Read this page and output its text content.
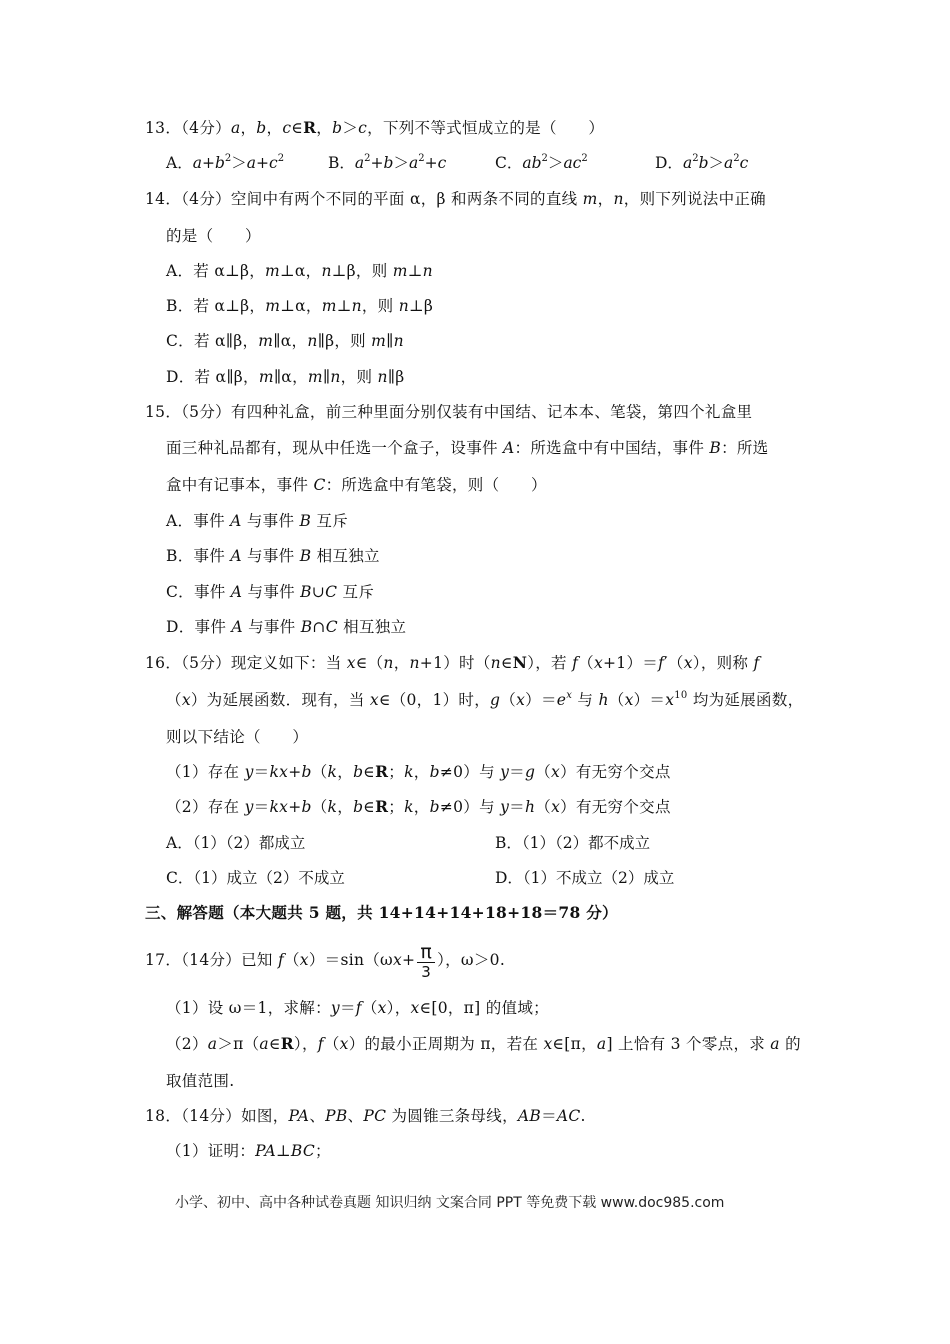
13．（4分）a，b，c∈R，b＞c，下列不等式恒成立的是（　　）
A．$a+b^2>a+c^2$	B．$a^2+b>a^2+c$	C．$ab^2>ac^2$	D．$a^2b>a^2c$
14．（4分）空间中有两个不同的平面 α，β 和两条不同的直线 m，n，则下列说法中正确
的是（　　）
A．若 α⊥β，m⊥α，n⊥β，则 m⊥n
B．若 α⊥β，m⊥α，m⊥n，则 n⊥β
C．若 α∥β，m∥α，n∥β，则 m∥n
D．若 α∥β，m∥α，m∥n，则 n∥β
15．（5分）有四种礼盒，前三种里面分别仅装有中国结、记本本、笔袋，第四个礼盒里
面三种礼品都有，现从中任选一个盒子，设事件 A：所选盒中有中国结，事件 B：所选
盒中有记事本，事件 C：所选盒中有笔袋，则（　　）
A．事件 A 与事件 B 互斥
B．事件 A 与事件 B 相互独立
C．事件 A 与事件 B∪C 互斥
D．事件 A 与事件 B∩C 相互独立
16．（5分）现定义如下：当 x∈（n，n+1）时（n∈N），若 f（x+1）＝f′（x），则称 f
（x）为延展函数．现有，当 x∈（0，1）时，$g(x)=e^x$ 与 $h(x)=x^{10}$ 均为延展函数，
则以下结论（　　）
（1）存在 y＝kx+b（k，b∈R；k，b≠0）与 y＝g（x）有无穷个交点
（2）存在 y＝kx+b（k，b∈R；k，b≠0）与 y＝h（x）有无穷个交点
A．（1）（2）都成立	B．（1）（2）都不成立
C．（1）成立（2）不成立	D．（1）不成立（2）成立
三、解答题（本大题共 5 题，共 14+14+14+18+18＝78 分）
17．（14分）已知 $f(x)=\sin(\omega x+ \frac{\pi}{3}$ ），ω＞0.
（1）设 ω＝1，求解：y＝f（x），x∈[0，π] 的值域；
（2）a＞π（a∈R），f（x）的最小正周期为 π，若在 x∈[π，a] 上恰有 3 个零点，求 a 的
取值范围.
18．（14分）如图，PA、PB、PC 为圆锥三条母线，AB＝AC.
（1）证明：PA⊥BC；
小学、初中、高中各种试卷真题 知识归纳 文案合同 PPT 等免费下载 www.doc985.com
